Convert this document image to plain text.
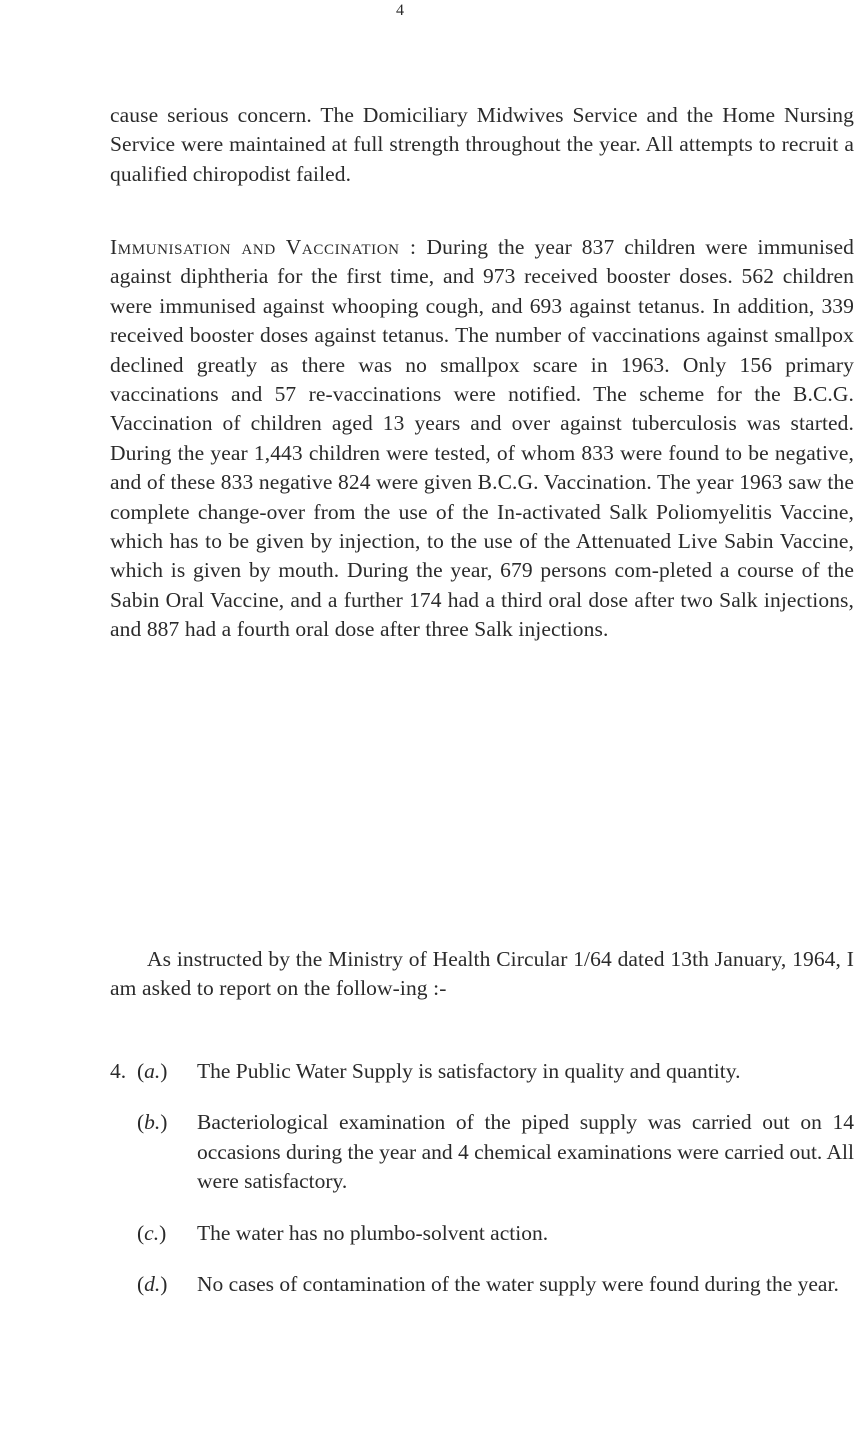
4

cause serious concern. The Domiciliary Midwives Service and the Home Nursing Service were maintained at full strength throughout the year. All attempts to recruit a qualified chiropodist failed.

Immunisation and Vaccination : During the year 837 children were immunised against diphtheria for the first time, and 973 received booster doses. 562 children were immunised against whooping cough, and 693 against tetanus. In addition, 339 received booster doses against tetanus. The number of vaccinations against smallpox declined greatly as there was no smallpox scare in 1963. Only 156 primary vaccinations and 57 re-vaccinations were notified. The scheme for the B.C.G. Vaccination of children aged 13 years and over against tuberculosis was started. During the year 1,443 children were tested, of whom 833 were found to be negative, and of these 833 negative 824 were given B.C.G. Vaccination. The year 1963 saw the complete change-over from the use of the In-activated Salk Poliomyelitis Vaccine, which has to be given by injection, to the use of the Attenuated Live Sabin Vaccine, which is given by mouth. During the year, 679 persons com-pleted a course of the Sabin Oral Vaccine, and a further 174 had a third oral dose after two Salk injections, and 887 had a fourth oral dose after three Salk injections.

As instructed by the Ministry of Health Circular 1/64 dated 13th January, 1964, I am asked to report on the follow-ing :-

4. (a.)	The Public Water Supply is satisfactory in quality and quantity.
(b.)	Bacteriological examination of the piped supply was carried out on 14 occasions during the year and 4 chemical examinations were carried out. All were satisfactory.
(c.)	The water has no plumbo-solvent action.
(d.)	No cases of contamination of the water supply were found during the year.
